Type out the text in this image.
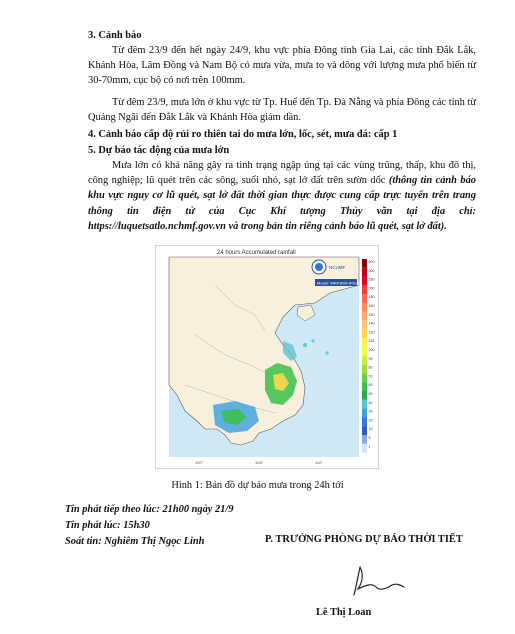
3. Cảnh báo
Từ đêm 23/9 đến hết ngày 24/9, khu vực phía Đông tỉnh Gia Lai, các tỉnh Đắk Lắk, Khánh Hòa, Lâm Đồng và Nam Bộ có mưa vừa, mưa to và dông với lượng mưa phổ biến từ 30-70mm, cục bộ có nơi trên 100mm.
Từ đêm 23/9, mưa lớn ở khu vực từ Tp. Huế đến Tp. Đà Nẵng và phía Đông các tỉnh từ Quảng Ngãi đến Đắk Lắk và Khánh Hòa giảm dần.
4. Cảnh báo cấp độ rủi ro thiên tai do mưa lớn, lốc, sét, mưa đá: cấp 1
5. Dự báo tác động của mưa lớn
Mưa lớn có khả năng gây ra tình trạng ngập úng tại các vùng trũng, thấp, khu đô thị, công nghiệp; lũ quét trên các sông, suối nhỏ, sạt lở đất trên sườn dốc (thông tin cảnh báo khu vực nguy cơ lũ quét, sạt lở đất thời gian thực được cung cấp trực tuyến trên trang thông tin điện tử của Cục Khí tượng Thủy văn tại địa chỉ: https://luquetsatlo.nchmf.gov.vn và trong bản tin riêng cảnh báo lũ quét, sạt lở đất).
24 hours Accumulated rainfall
NCHMF
Model: WRF3KM-IFS-D
100°	105°	110°
400
300
250
200
180
160
150
140
120
110
100
90
80
70
60
50
40
30
20
10
5
1
Hình 1: Bản đồ dự báo mưa trong 24h tới
Tin phát tiếp theo lúc: 21h00 ngày 21/9
Tin phát lúc: 15h30
Soát tin: Nghiêm Thị Ngọc Linh	P. TRƯỞNG PHÒNG DỰ BÁO THỜI TIẾT
Lê Thị Loan
